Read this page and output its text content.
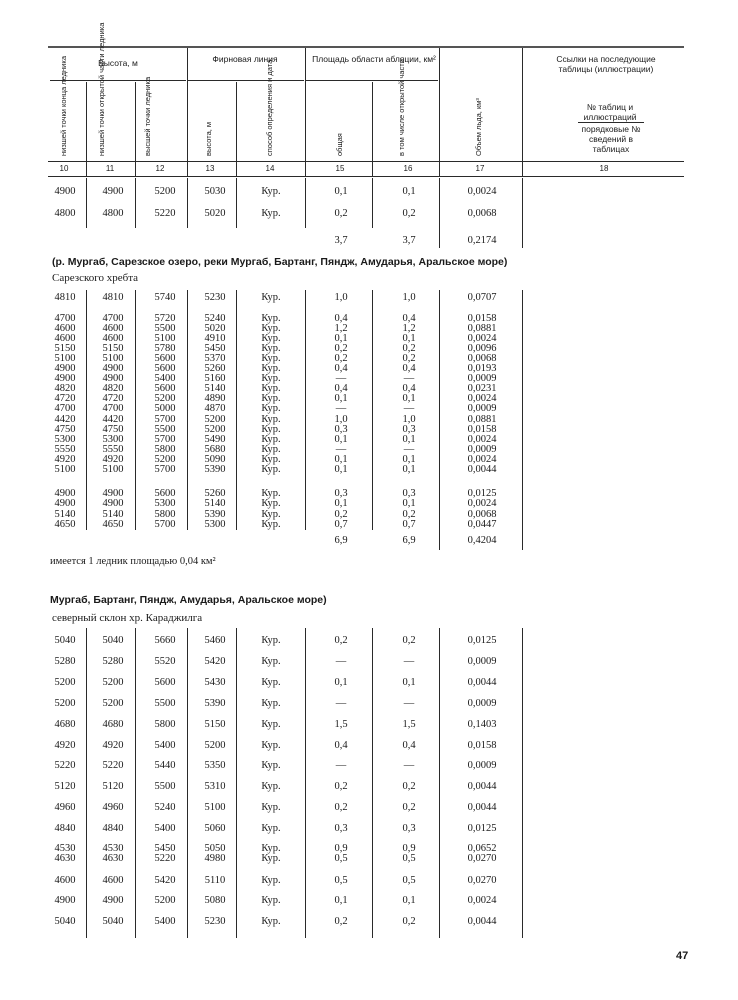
Высота, м	Фирновая линия	Площадь области абляции, км²	Ссылки на последующие таблицы (иллюстрации)
№ таблиц и иллюстраций
порядковые № сведений в таблицах
низшей точки конца ледника	низшей точки открытой части ледника	высшей точки ледника	высота, м	способ определения и дата	общая	в том числе открытой части	Объем льда, км³
10	11	12	13	14	15	16	17	18
4900	4900	5200	5030	Кур.	0,1	0,1	0,0024
4800	4800	5220	5020	Кур.	0,2	0,2	0,0068
3,7	3,7	0,2174
(р. Мургаб, Сарезское озеро, реки Мургаб, Бартанг, Пяндж, Амударья, Аральское море)
Сарезского хребта
4810	4810	5740	5230	Кур.	1,0	1,0	0,0707
4700	4700	5720	5240	Кур.	0,4	0,4	0,0158
4600	4600	5500	5020	Кур.	1,2	1,2	0,0881
4600	4600	5100	4910	Кур.	0,1	0,1	0,0024
5150	5150	5780	5450	Кур.	0,2	0,2	0,0096
5100	5100	5600	5370	Кур.	0,2	0,2	0,0068
4900	4900	5600	5260	Кур.	0,4	0,4	0,0193
4900	4900	5400	5160	Кур.	—	—	0,0009
4820	4820	5600	5140	Кур.	0,4	0,4	0,0231
4720	4720	5200	4890	Кур.	0,1	0,1	0,0024
4700	4700	5000	4870	Кур.	—	—	0,0009
4420	4420	5700	5200	Кур.	1,0	1,0	0,0881
4750	4750	5500	5200	Кур.	0,3	0,3	0,0158
5300	5300	5700	5490	Кур.	0,1	0,1	0,0024
5550	5550	5800	5680	Кур.	—	—	0,0009
4920	4920	5200	5090	Кур.	0,1	0,1	0,0024
5100	5100	5700	5390	Кур.	0,1	0,1	0,0044
4900	4900	5600	5260	Кур.	0,3	0,3	0,0125
4900	4900	5300	5140	Кур.	0,1	0,1	0,0024
5140	5140	5800	5390	Кур.	0,2	0,2	0,0068
4650	4650	5700	5300	Кур.	0,7	0,7	0,0447
6,9	6,9	0,4204
имеется 1 ледник площадью 0,04 км²
Мургаб, Бартанг, Пяндж, Амударья, Аральское море)
северный склон хр. Караджилга
5040	5040	5660	5460	Кур.	0,2	0,2	0,0125
5280	5280	5520	5420	Кур.	—	—	0,0009
5200	5200	5600	5430	Кур.	0,1	0,1	0,0044
5200	5200	5500	5390	Кур.	—	—	0,0009
4680	4680	5800	5150	Кур.	1,5	1,5	0,1403
4920	4920	5400	5200	Кур.	0,4	0,4	0,0158
5220	5220	5440	5350	Кур.	—	—	0,0009
5120	5120	5500	5310	Кур.	0,2	0,2	0,0044
4960	4960	5240	5100	Кур.	0,2	0,2	0,0044
4840	4840	5400	5060	Кур.	0,3	0,3	0,0125
4530	4530	5450	5050	Кур.	0,9	0,9	0,0652
4630	4630	5220	4980	Кур.	0,5	0,5	0,0270
4600	4600	5420	5110	Кур.	0,5	0,5	0,0270
4900	4900	5200	5080	Кур.	0,1	0,1	0,0024
5040	5040	5400	5230	Кур.	0,2	0,2	0,0044
47
